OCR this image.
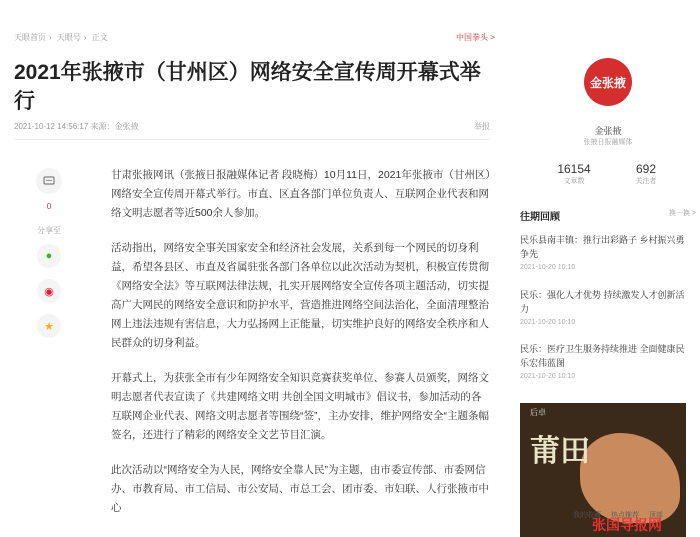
天眼首页 › 天眼号 › 正文	中国拳头 >
2021年张掖市（甘州区）网络安全宣传周开幕式举行
2021-10-12 14:56:17 来源：金张掖	举报
0
分享至
●
◉
★

甘肃张掖网讯（张掖日报融媒体记者 段晓梅）10月11日，2021年张掖市（甘州区）网络安全宣传周开幕式举行。市直、区直各部门单位负责人、互联网企业代表和网络文明志愿者等近500余人参加。

活动指出，网络安全事关国家安全和经济社会发展，关系到每一个网民的切身利益，希望各县区、市直及省属驻张各部门各单位以此次活动为契机，积极宣传贯彻《网络安全法》等互联网法律法规，扎实开展网络安全宣传各项主题活动，切实提高广大网民的网络安全意识和防护水平，营造推进网络空间法治化，全面清理整治网上违法违规有害信息，大力弘扬网上正能量，切实维护良好的网络安全秩序和人民群众的切身利益。

开幕式上，为获张全市有少年网络安全知识竞赛获奖单位、参赛人员颁奖，网络文明志愿者代表宣读了《共建网络文明 共创全国文明城市》倡议书，参加活动的各互联网企业代表、网络文明志愿者等围绕“签”，主办安排，维护网络安全“主题条幅签名，还进行了精彩的网络安全文艺节目汇演。

此次活动以“网络安全为人民，网络安全靠人民”为主题，由市委宣传部、市委网信办、市教育局、市工信局、市公安局、市总工会、团市委、市妇联、人行张掖市中心

金张掖
金张掖
张掖日报融媒体
16154
文章数
692
关注者
往期回顾	换一换 >
民乐县南丰镇：推行出彩路子 乡村振兴勇争先
2021-10-20 10:10
民乐：强化人才优势 持续激发人才创新活力
2021-10-20 10:10
民乐：医疗卫生服务持续推进 全面健康民乐宏伟蓝图
2021-10-20 10:10
后卓
莆田
张国导报网
我的收藏 热点推荐 顶部
